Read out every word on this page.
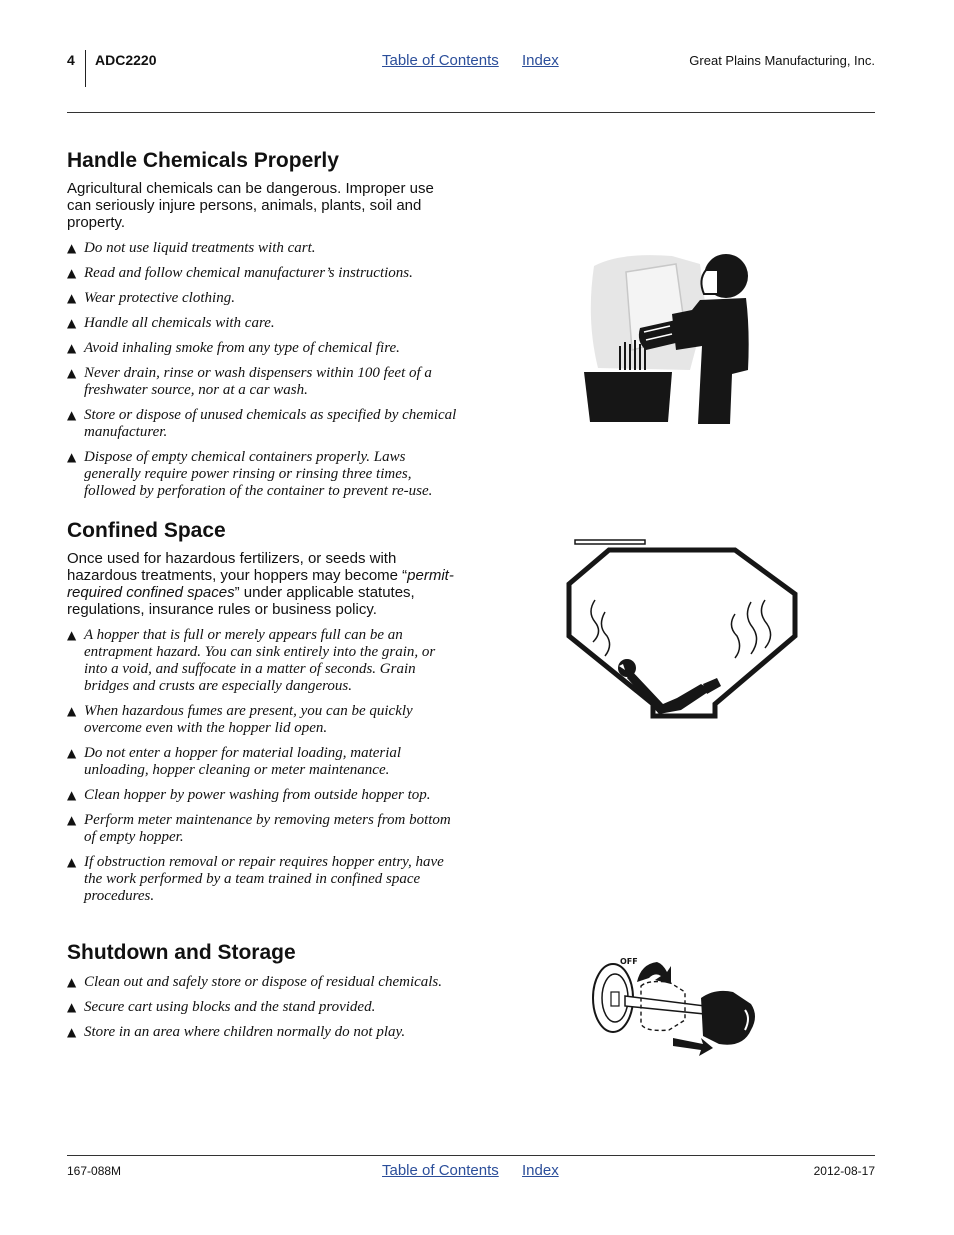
4 ADC2220	Table of Contents Index	Great Plains Manufacturing, Inc.
Handle Chemicals Properly

Agricultural chemicals can be dangerous. Improper use can seriously injure persons, animals, plants, soil and property.

▲ Do not use liquid treatments with cart.
▲ Read and follow chemical manufacturer’s instructions.
▲ Wear protective clothing.
▲ Handle all chemicals with care.
▲ Avoid inhaling smoke from any type of chemical fire.
▲ Never drain, rinse or wash dispensers within 100 feet of a freshwater source, nor at a car wash.
▲ Store or dispose of unused chemicals as specified by chemical manufacturer.
▲ Dispose of empty chemical containers properly. Laws generally require power rinsing or rinsing three times, followed by perforation of the container to prevent re-use.
Confined Space

Once used for hazardous fertilizers, or seeds with hazardous treatments, your hoppers may become “permit-required confined spaces” under applicable statutes, regulations, insurance rules or business policy.

▲ A hopper that is full or merely appears full can be an entrapment hazard. You can sink entirely into the grain, or into a void, and suffocate in a matter of seconds. Grain bridges and crusts are especially dangerous.
▲ When hazardous fumes are present, you can be quickly overcome even with the hopper lid open.
▲ Do not enter a hopper for material loading, material unloading, hopper cleaning or meter maintenance.
▲ Clean hopper by power washing from outside hopper top.
▲ Perform meter maintenance by removing meters from bottom of empty hopper.
▲ If obstruction removal or repair requires hopper entry, have the work performed by a team trained in confined space procedures.
Shutdown and Storage
▲ Clean out and safely store or dispose of residual chemicals.
▲ Secure cart using blocks and the stand provided.
▲ Store in an area where children normally do not play.
OFF
167-088M	Table of Contents Index	2012-08-17
